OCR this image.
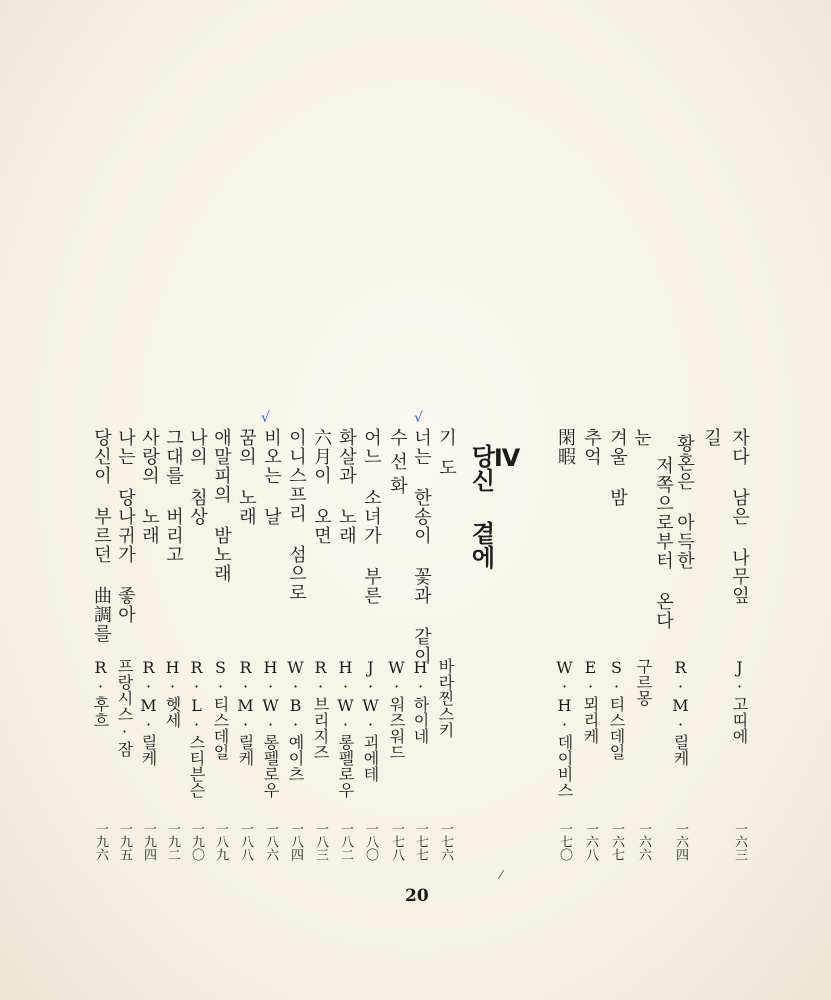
자다 남은 나무잎
J·고띠에
一六三
길
황혼은 아득한
R·M·릴케
一六四
저쪽으로부터 온다
눈
구르몽
一六六
겨울 밤
S·티스데일
一六七
추억
E·뫼리케
一六八
閑暇
W·H·데이비스
一七〇
Ⅳ
당신 곁에
기도
바라찐스키
一七六
너는 한송이 꽃과 같이
H·하이네
一七七
수선화
W·워즈워드
一七八
어느 소녀가 부른
J·W·괴에테
一八〇
화살과 노래
H·W·롱펠로우
一八二
六月이 오면
R·브리지즈
一八三
이니스프리 섬으로
W·B·예이츠
一八四
비오는 날
H·W·롱펠로우
一八六
꿈의 노래
R·M·릴케
一八八
애말피의 밤노래
S·티스데일
一八九
나의 침상
R·L·스티븐슨
一九〇
그대를 버리고
H·헷세
一九二
사랑의 노래
R·M·릴케
一九四
나는 당나귀가 좋아
프랑시스·잠
一九五
당신이 부르던 曲調를
R·후흐
一九六
√
√
⁄
20
